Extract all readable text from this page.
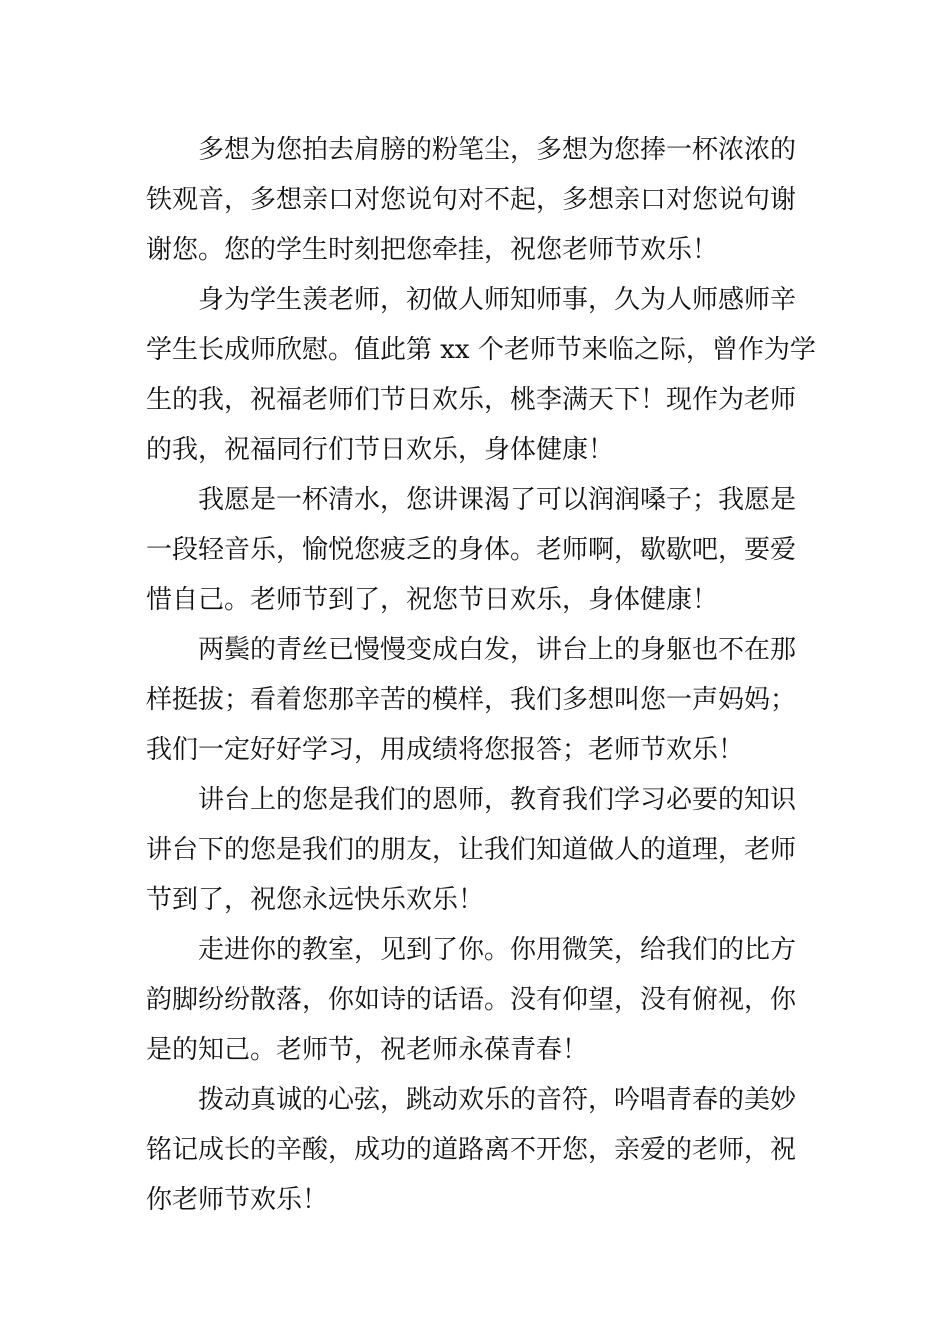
多想为您拍去肩膀的粉笔尘，多想为您捧一杯浓浓的
铁观音，多想亲口对您说句对不起，多想亲口对您说句谢
谢您。您的学生时刻把您牵挂，祝您老师节欢乐！

身为学生羡老师，初做人师知师事，久为人师感师辛
学生长成师欣慰。值此第 xx 个老师节来临之际，曾作为学
生的我，祝福老师们节日欢乐，桃李满天下！现作为老师
的我，祝福同行们节日欢乐，身体健康！

我愿是一杯清水，您讲课渴了可以润润嗓子；我愿是
一段轻音乐，愉悦您疲乏的身体。老师啊，歇歇吧，要爱
惜自己。老师节到了，祝您节日欢乐，身体健康！

两鬓的青丝已慢慢变成白发，讲台上的身躯也不在那
样挺拔；看着您那辛苦的模样，我们多想叫您一声妈妈；
我们一定好好学习，用成绩将您报答；老师节欢乐！

讲台上的您是我们的恩师，教育我们学习必要的知识
讲台下的您是我们的朋友，让我们知道做人的道理，老师
节到了，祝您永远快乐欢乐！

走进你的教室，见到了你。你用微笑，给我们的比方
韵脚纷纷散落，你如诗的话语。没有仰望，没有俯视，你
是的知己。老师节，祝老师永葆青春！

拨动真诚的心弦，跳动欢乐的音符，吟唱青春的美妙
铭记成长的辛酸，成功的道路离不开您，亲爱的老师，祝
你老师节欢乐！
